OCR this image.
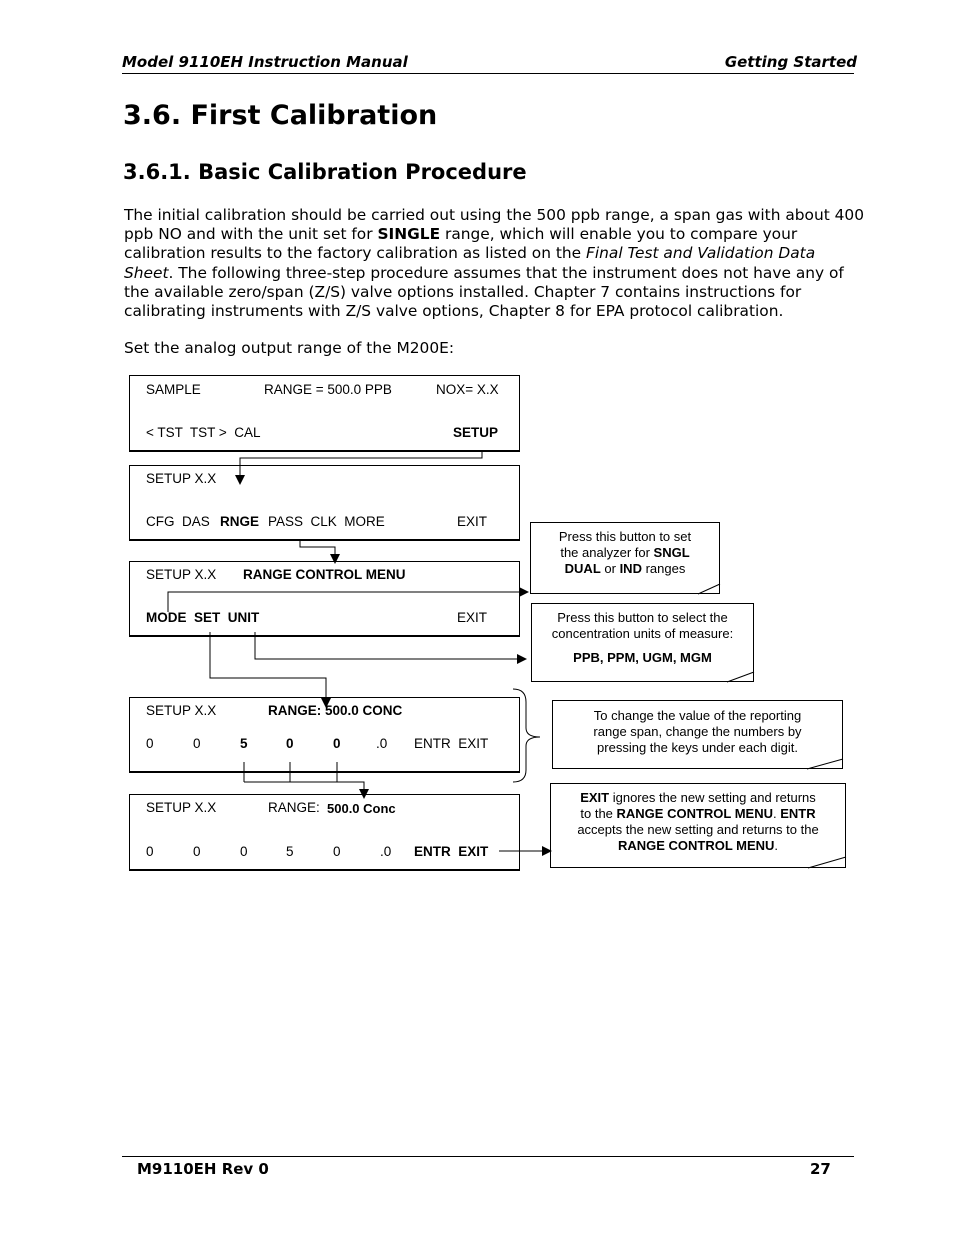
Model 9110EH Instruction Manual	Getting Started
3.6. First Calibration
3.6.1. Basic Calibration Procedure

The initial calibration should be carried out using the 500 ppb range, a span gas with about 400 ppb NO and with the unit set for SINGLE range, which will enable you to compare your calibration results to the factory calibration as listed on the Final Test and Validation Data Sheet. The following three-step procedure assumes that the instrument does not have any of the available zero/span (Z/S) valve options installed. Chapter 7 contains instructions for calibrating instruments with Z/S valve options, Chapter 8 for EPA protocol calibration.

Set the analog output range of the M200E:

SAMPLE	RANGE = 500.0 PPB	NOX= X.X
< TST  TST >  CAL	SETUP
SETUP X.X
CFG  DAS RNGE PASS  CLK  MORE	EXIT
SETUP X.X RANGE CONTROL MENU
MODE  SET  UNIT	EXIT
SETUP X.X	RANGE: 500.0 CONC
0	0	5	0	0	.0 ENTR  EXIT
SETUP X.X	RANGE: 500.0 Conc
0	0	0	5	0	.0 ENTR  EXIT
Press this button to set
the analyzer for SNGL
DUAL or IND ranges
Press this button to select the
concentration units of measure:
PPB, PPM, UGM, MGM
To change the value of the reporting
range span, change the numbers by
pressing the keys under each digit.
EXIT ignores the new setting and returns
to the RANGE CONTROL MENU. ENTR
accepts the new setting and returns to the
RANGE CONTROL MENU.
M9110EH Rev 0	27
